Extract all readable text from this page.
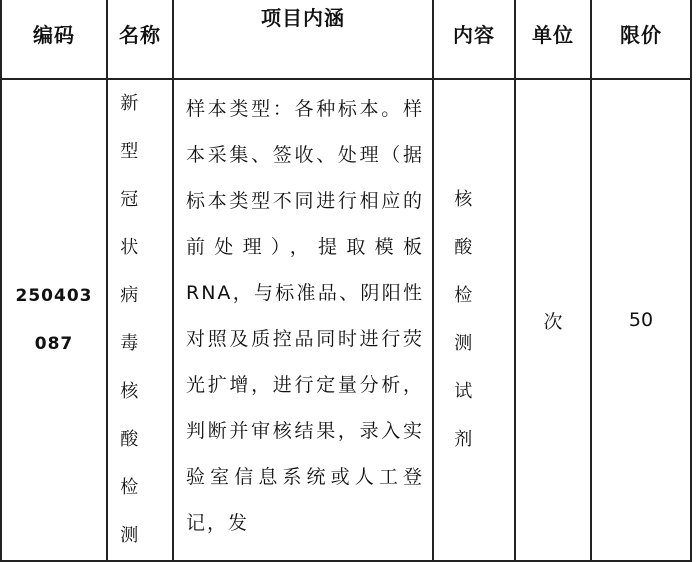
编码	名称	项目内涵	内容	单位	限价
250403087	新型冠状病毒核酸检测	样本类型：各种标本。样本采集、签收、处理（据标本类型不同进行相应的前处理），提取模板RNA，与标准品、阴阳性对照及质控品同时进行荧光扩增，进行定量分析，判断并审核结果，录入实验室信息系统或人工登记，发	核酸检测试剂	次	50
